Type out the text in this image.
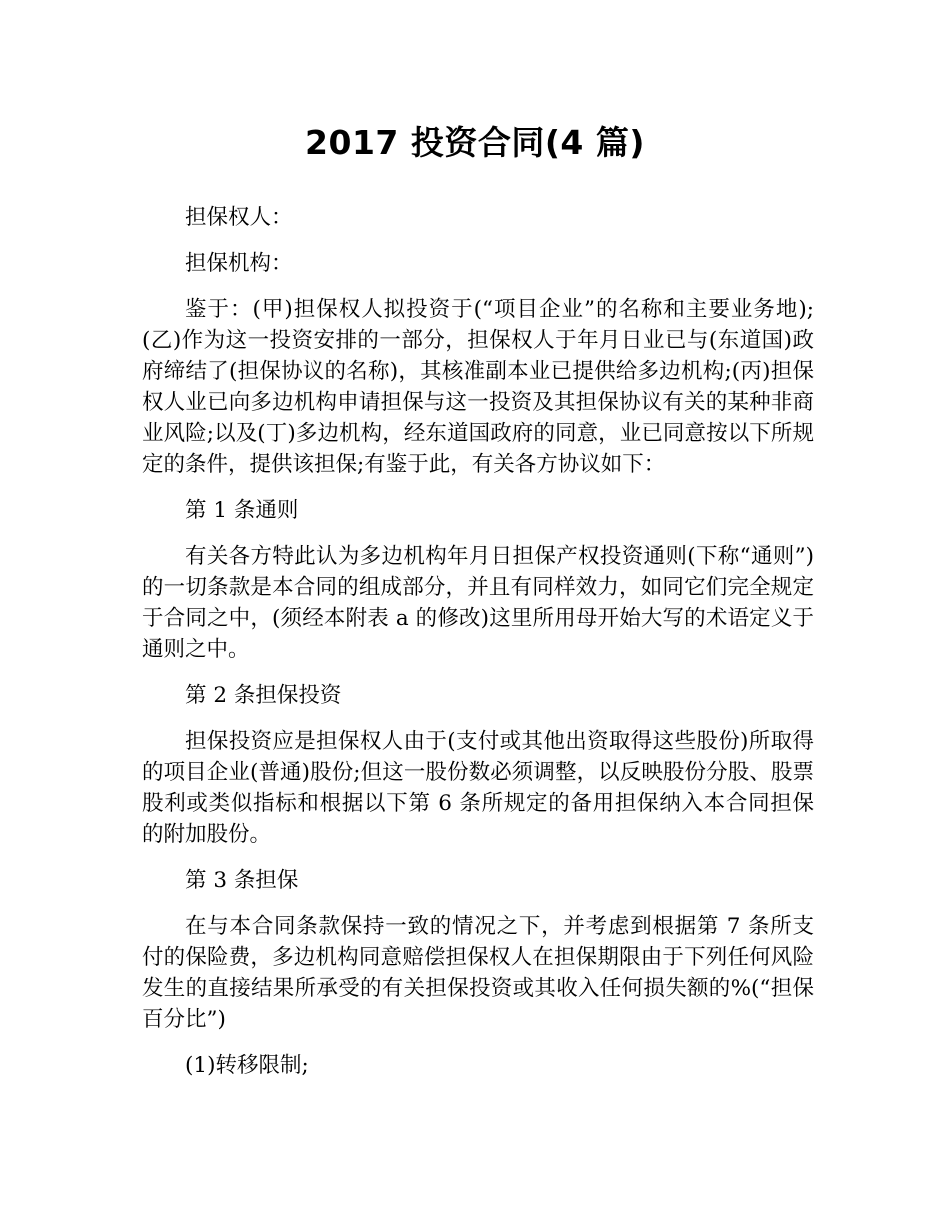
2017 投资合同(4 篇)

担保权人：

担保机构：

鉴于：(甲)担保权人拟投资于(“项目企业”的名称和主要业务地);(乙)作为这一投资安排的一部分，担保权人于年月日业已与(东道国)政府缔结了(担保协议的名称)，其核准副本业已提供给多边机构;(丙)担保权人业已向多边机构申请担保与这一投资及其担保协议有关的某种非商业风险;以及(丁)多边机构，经东道国政府的同意，业已同意按以下所规定的条件，提供该担保;有鉴于此，有关各方协议如下：

第 1 条通则

有关各方特此认为多边机构年月日担保产权投资通则(下称“通则”)的一切条款是本合同的组成部分，并且有同样效力，如同它们完全规定于合同之中，(须经本附表 a 的修改)这里所用母开始大写的术语定义于通则之中。

第 2 条担保投资

担保投资应是担保权人由于(支付或其他出资取得这些股份)所取得的项目企业(普通)股份;但这一股份数必须调整，以反映股份分股、股票股利或类似指标和根据以下第 6 条所规定的备用担保纳入本合同担保的附加股份。

第 3 条担保

在与本合同条款保持一致的情况之下，并考虑到根据第 7 条所支付的保险费，多边机构同意赔偿担保权人在担保期限由于下列任何风险发生的直接结果所承受的有关担保投资或其收入任何损失额的%(“担保百分比”)

(1)转移限制;
